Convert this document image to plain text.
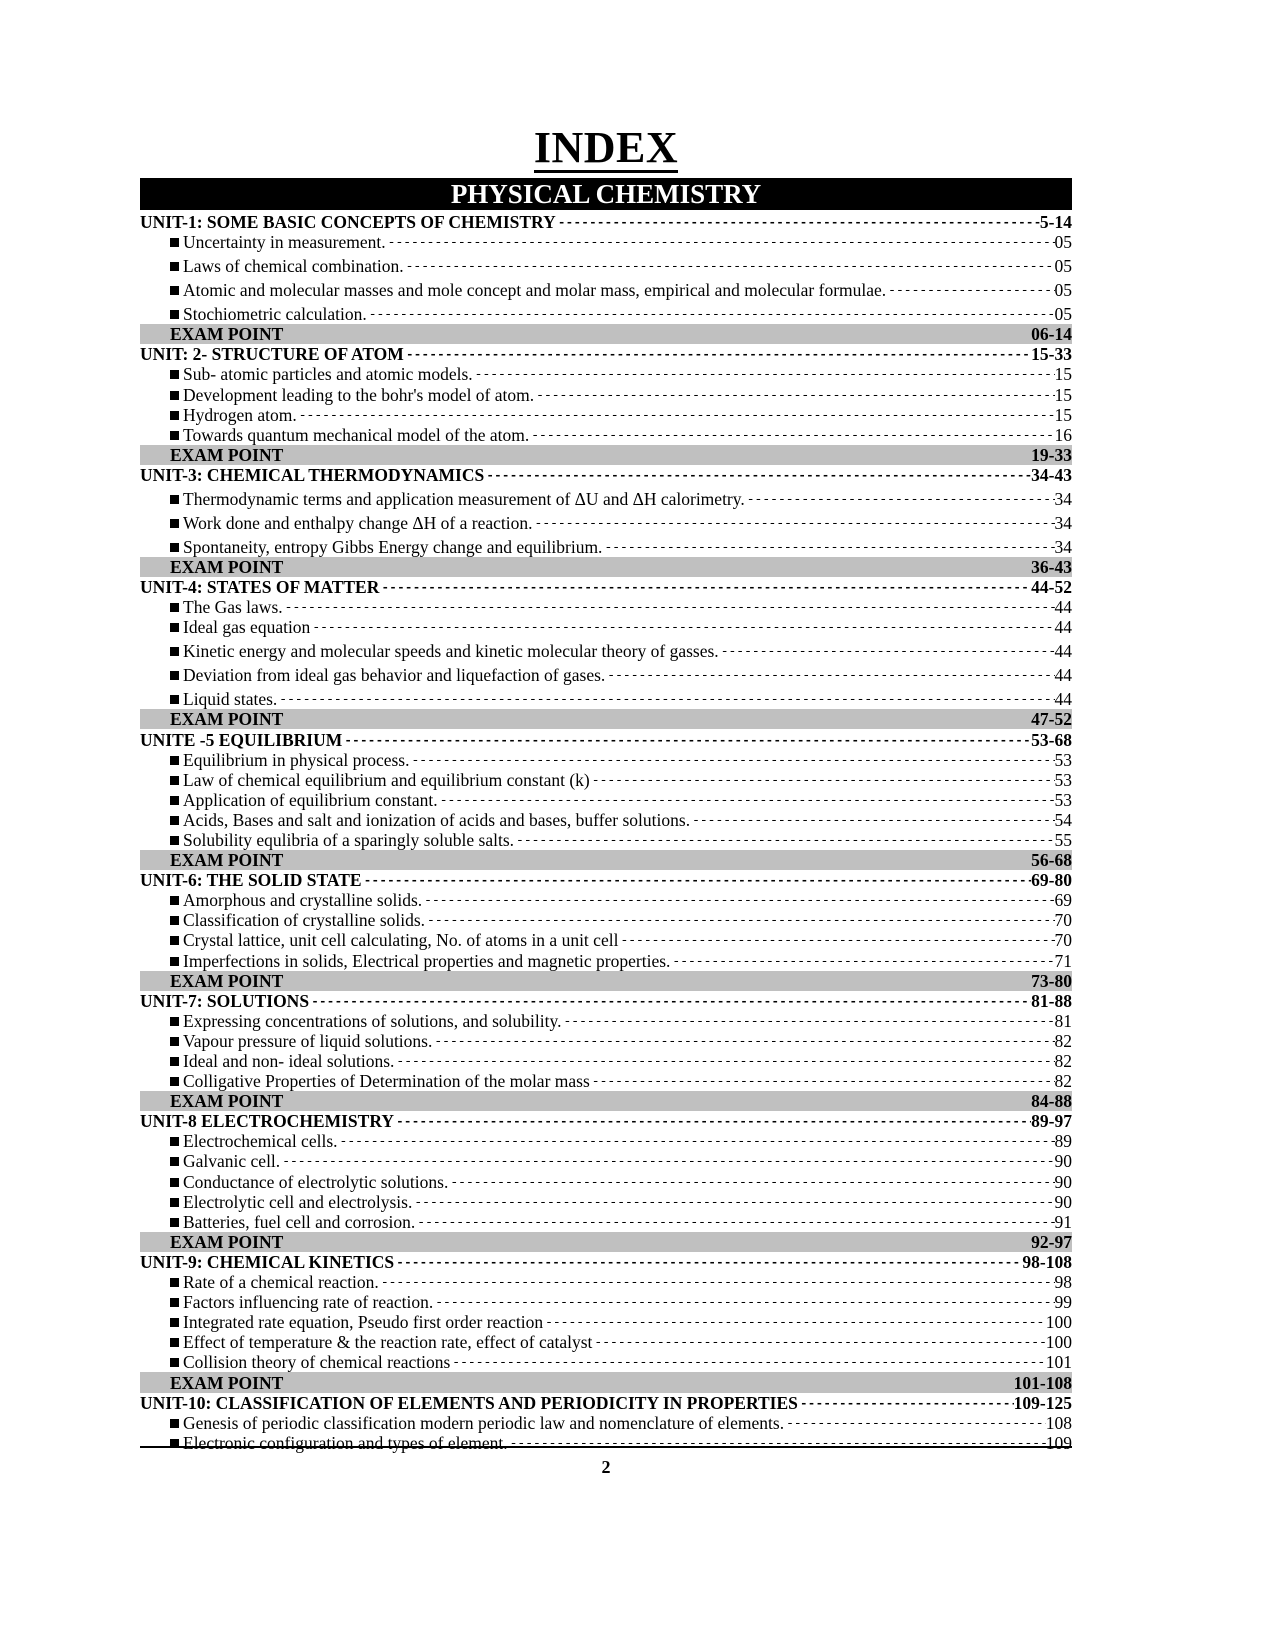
INDEX
PHYSICAL CHEMISTRY
UNIT-1: SOME BASIC CONCEPTS OF CHEMISTRY -----	5-14
Uncertainty in measurement. -----	05
Laws of chemical combination. -----	05
Atomic and molecular masses and mole concept and molar mass, empirical and molecular formulae. -----	05
Stochiometric calculation. -----	05
EXAM POINT	06-14
UNIT: 2- STRUCTURE OF ATOM -----	15-33
Sub- atomic particles and atomic models. -----	15
Development leading to the bohr's model of atom. -----	15
Hydrogen atom. -----	15
Towards quantum mechanical model of the atom. -----	16
EXAM POINT	19-33
UNIT-3: CHEMICAL THERMODYNAMICS -----	34-43
Thermodynamic terms and application measurement of ΔU and ΔH calorimetry. -----	34
Work done and enthalpy change ΔH of a reaction. -----	34
Spontaneity, entropy Gibbs Energy change and equilibrium. -----	34
EXAM POINT	36-43
UNIT-4: STATES OF MATTER -----	44-52
The Gas laws. -----	44
Ideal gas equation -----	44
Kinetic energy and molecular speeds and kinetic molecular theory of gasses. -----	44
Deviation from ideal gas behavior and liquefaction of gases. -----	44
Liquid states. -----	44
EXAM POINT	47-52
UNITE -5 EQUILIBRIUM -----	53-68
Equilibrium in physical process. -----	53
Law of chemical equilibrium and equilibrium constant (k) -----	53
Application of equilibrium constant. -----	53
Acids, Bases and salt and ionization of acids and bases, buffer solutions. -----	54
Solubility equlibria of a sparingly soluble salts. -----	55
EXAM POINT	56-68
UNIT-6: THE SOLID STATE -----	69-80
Amorphous and crystalline solids. -----	69
Classification of crystalline solids. -----	70
Crystal lattice, unit cell calculating, No. of atoms in a unit cell -----	70
Imperfections in solids, Electrical properties and magnetic properties. -----	71
EXAM POINT	73-80
UNIT-7: SOLUTIONS -----	81-88
Expressing concentrations of solutions, and solubility. -----	81
Vapour pressure of liquid solutions. -----	82
Ideal and non- ideal solutions. -----	82
Colligative Properties of Determination of the molar mass -----	82
EXAM POINT	84-88
UNIT-8 ELECTROCHEMISTRY -----	89-97
Electrochemical cells. -----	89
Galvanic cell. -----	90
Conductance of electrolytic solutions. -----	90
Electrolytic cell and electrolysis. -----	90
Batteries, fuel cell and corrosion. -----	91
EXAM POINT	92-97
UNIT-9: CHEMICAL KINETICS -----	98-108
Rate of a chemical reaction. -----	98
Factors influencing rate of reaction. -----	99
Integrated rate equation, Pseudo first order reaction -----	100
Effect of temperature & the reaction rate, effect of catalyst -----	100
Collision theory of chemical reactions -----	101
EXAM POINT	101-108
UNIT-10: CLASSIFICATION OF ELEMENTS AND PERIODICITY IN PROPERTIES -----	109-125
Genesis of periodic classification modern periodic law and nomenclature of elements. -----	108
Electronic configuration and types of element. -----	109
2
